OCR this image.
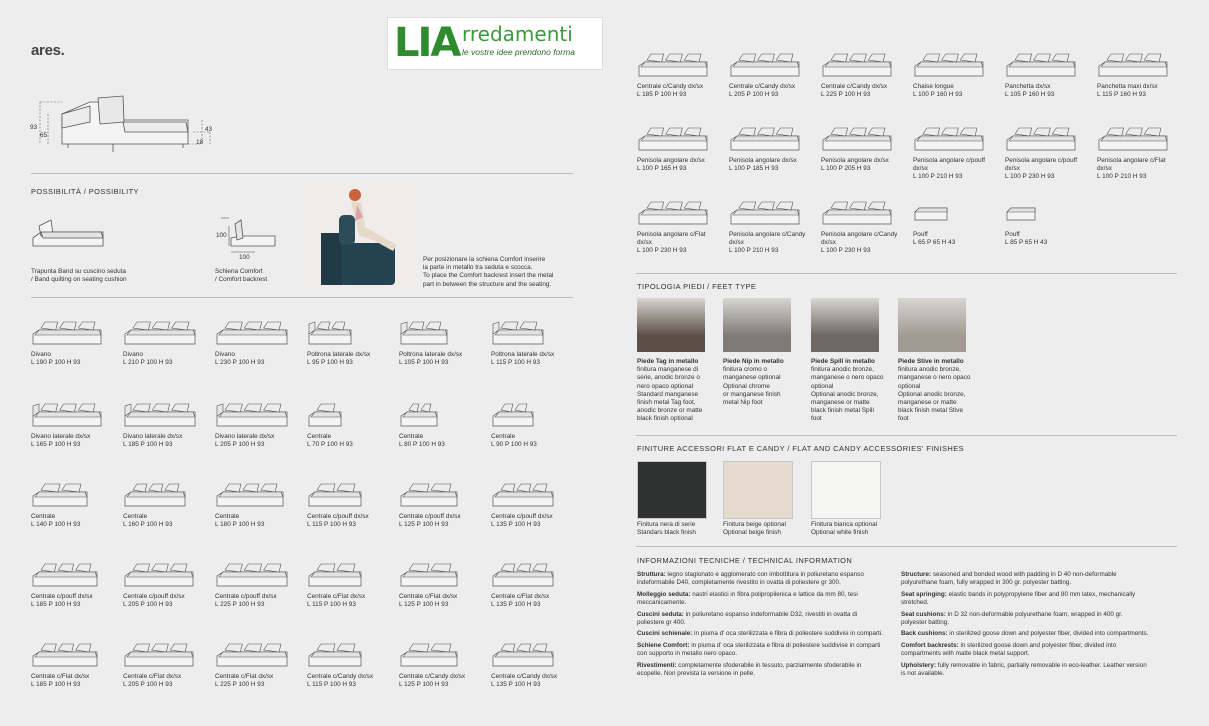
ares.	LIA rredamenti
le vostre idee prendono forma
93
65
43
18
POSSIBILITÀ / POSSIBILITY
Trapunta Band su cuscino seduta
/ Band quilting on seating cushion
100
100
Schiena Comfort
/ Comfort backrest
Per posizionare la schiena Comfort inserire
la parte in metallo tra seduta e scocca.
To place the Comfort backrest insert the metal
part in between the structure and the seating.
Divano
L 190 P 100 H 93
Divano
L 210 P 100 H 93
Divano
L 230 P 100 H 93
Poltrona laterale dx/sx
L 95 P 100 H 93
Poltrona laterale dx/sx
L 105 P 100 H 93
Poltrona laterale dx/sx
L 115 P 100 H 93
Divano laterale dx/sx
L 165 P 100 H 93
Divano laterale dx/sx
L 185 P 100 H 93
Divano laterale dx/sx
L 205 P 100 H 93
Centrale
L 70 P 100 H 93
Centrale
L 80 P 100 H 93
Centrale
L 90 P 100 H 93
Centrale
L 140 P 100 H 93
Centrale
L 160 P 100 H 93
Centrale
L 180 P 100 H 93
Centrale c/pouff dx/sx
L 115 P 100 H 93
Centrale c/pouff dx/sx
L 125 P 100 H 93
Centrale c/pouff dx/sx
L 135 P 100 H 93
Centrale c/pouff dx/sx
L 185 P 100 H 93
Centrale c/pouff dx/sx
L 205 P 100 H 93
Centrale c/pouff dx/sx
L 225 P 100 H 93
Centrale c/Flat dx/sx
L 115 P 100 H 93
Centrale c/Flat dx/sx
L 125 P 100 H 93
Centrale c/Flat dx/sx
L 135 P 100 H 93
Centrale c/Flat dx/sx
L 185 P 100 H 93
Centrale c/Flat dx/sx
L 205 P 100 H 93
Centrale c/Flat dx/sx
L 225 P 100 H 93
Centrale c/Candy dx/sx
L 115 P 100 H 93
Centrale c/Candy dx/sx
L 125 P 100 H 93
Centrale c/Candy dx/sx
L 135 P 100 H 93
Centrale c/Candy dx/sx
L 185 P 100 H 93
Centrale c/Candy dx/sx
L 205 P 100 H 93
Centrale c/Candy dx/sx
L 225 P 100 H 93
Chaise longue
L 100 P 160 H 93
Panchetta dx/sx
L 105 P 160 H 93
Panchetta maxi dx/sx
L 115 P 160 H 93
Penisola angolare dx/sx
L 100 P 165 H 93
Penisola angolare dx/sx
L 100 P 185 H 93
Penisola angolare dx/sx
L 100 P 205 H 93
Penisola angolare c/pouff dx/sx
L 100 P 210 H 93
Penisola angolare c/pouff dx/sx
L 100 P 230 H 93
Penisola angolare c/Flat dx/sx
L 100 P 210 H 93
Penisola angolare c/Flat dx/sx
L 100 P 230 H 93
Penisola angolare c/Candy dx/sx
L 100 P 210 H 93
Penisola angolare c/Candy dx/sx
L 100 P 230 H 93
Pouff
L 65 P 65 H 43
Pouff
L 85 P 65 H 43
TIPOLOGIA PIEDI / FEET TYPE
Piede Tag in metallo
finitura manganese di
serie, anodic bronze o
nero opaco optional
Standard manganese
finish metal Tag foot,
anodic bronze or matte
black finish optional
Piede Nip in metallo
finitura cromo o
manganese optional
Optional chrome
or manganese finish
metal Nip foot
Piede Spill in metallo
finitura anodic bronze,
manganese o nero opaco
optional
Optional anodic bronze,
manganese or matte
black finish metal Spill
foot
Piede Stive in metallo
finitura anodic bronze,
manganese o nero opaco
optional
Optional anodic bronze,
manganese or matte
black finish metal Stive
foot
FINITURE ACCESSORI FLAT E CANDY / FLAT AND CANDY ACCESSORIES' FINISHES
Finitura nera di serie
Standars black finish
Finitura beige optional
Optional beige finish
Finitura bianca optional
Optional white finish
INFORMAZIONI TECNICHE / TECHNICAL INFORMATION

Struttura: legno stagionato e agglomerato con imbottitura in poliuretano espanso indeformabile D40, completamente rivestito in ovatta di poliestere gr 300.

Molleggio seduta: nastri elastici in fibra polipropilenica e lattice da mm 80, tesi meccanicamente.

Cuscini seduta: in poliuretano espanso indeformabile D32, rivestiti in ovatta di poliestere gr 400.

Cuscini schienale: in piuma d' oca sterilizzata e fibra di poliestere suddivisi in comparti.

Schiene Comfort: in piuma d' oca sterilizzata e fibra di poliestere suddivise in comparti con supporto in metallo nero opaco.

Rivestimenti: completamente sfoderabile in tessuto, parzialmente sfoderabile in ecopelle. Non prevista la versione in pelle.

Structure: seasoned and bonded wood with padding in D 40 non-deformable polyurethane foam, fully wrapped in 300 gr. polyester batting.

Seat springing: elastic bands in polypropylene fiber and 80 mm latex, mechanically stretched.

Seat cushions: in D 32 non-deformable polyurethane foam, wrapped in 400 gr. polyester batting.

Back cushions: in sterilized goose down and polyester fiber, divided into compartments.

Comfort backrests: in sterilized goose down and polyester fiber, divided into compartments with matte black metal support.

Upholstery: fully removable in fabric, partially removable in eco-leather. Leather version is not available.
